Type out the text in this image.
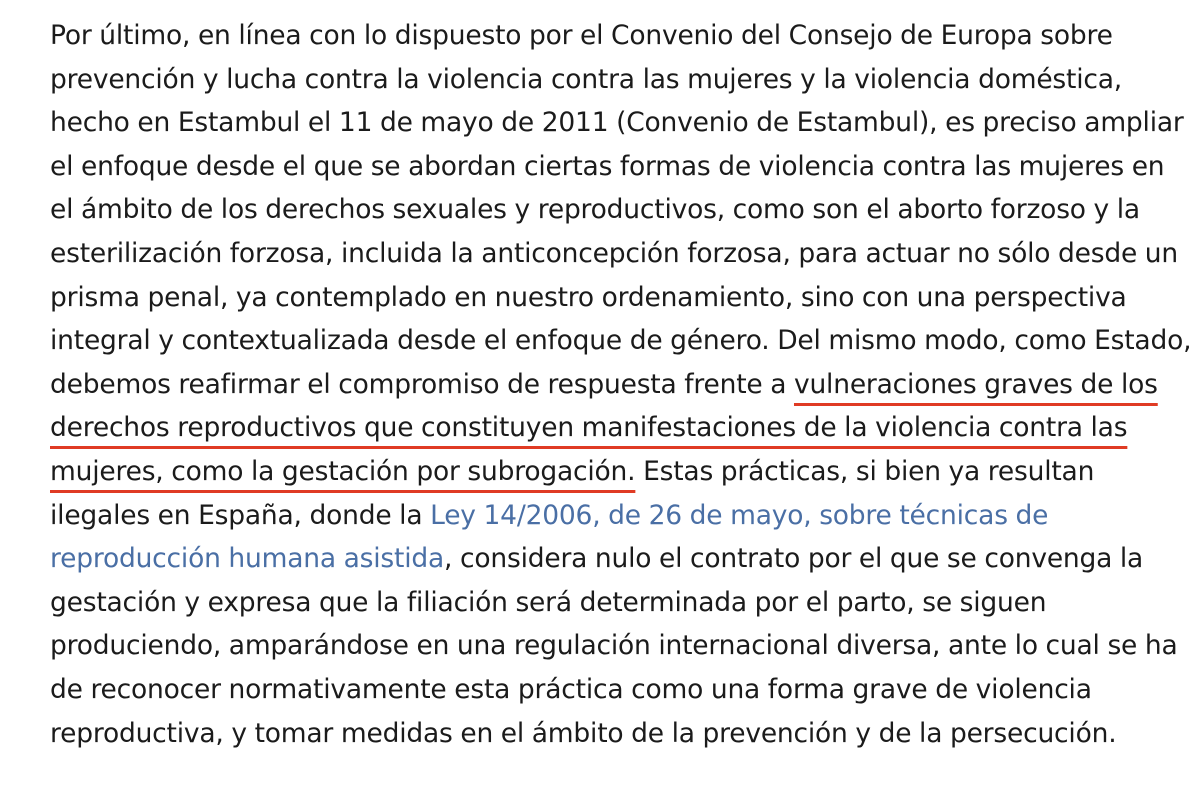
Por último, en línea con lo dispuesto por el Convenio del Consejo de Europa sobre
prevención y lucha contra la violencia contra las mujeres y la violencia doméstica,
hecho en Estambul el 11 de mayo de 2011 (Convenio de Estambul), es preciso ampliar
el enfoque desde el que se abordan ciertas formas de violencia contra las mujeres en
el ámbito de los derechos sexuales y reproductivos, como son el aborto forzoso y la
esterilización forzosa, incluida la anticoncepción forzosa, para actuar no sólo desde un
prisma penal, ya contemplado en nuestro ordenamiento, sino con una perspectiva
integral y contextualizada desde el enfoque de género. Del mismo modo, como Estado,
debemos reafirmar el compromiso de respuesta frente a vulneraciones graves de los
derechos reproductivos que constituyen manifestaciones de la violencia contra las
mujeres, como la gestación por subrogación. Estas prácticas, si bien ya resultan
ilegales en España, donde la Ley 14/2006, de 26 de mayo, sobre técnicas de
reproducción humana asistida, considera nulo el contrato por el que se convenga la
gestación y expresa que la filiación será determinada por el parto, se siguen
produciendo, amparándose en una regulación internacional diversa, ante lo cual se ha
de reconocer normativamente esta práctica como una forma grave de violencia
reproductiva, y tomar medidas en el ámbito de la prevención y de la persecución.
